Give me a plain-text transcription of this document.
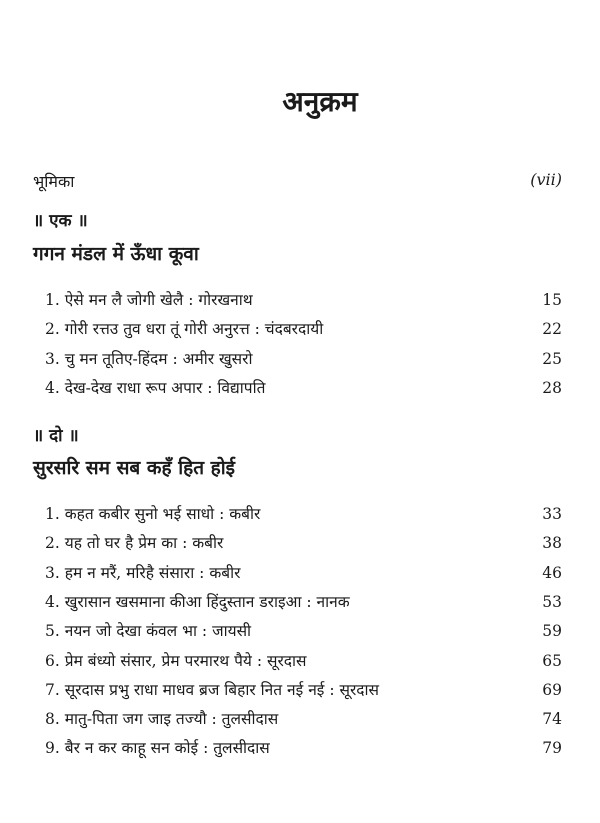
अनुक्रम
भूमिका	(vii)
॥ एक ॥
गगन मंडल में ऊँधा कूवा
1. ऐसे मन लै जोगी खेलै : गोरखनाथ	15
2. गोरी रत्तउ तुव धरा तूं गोरी अनुरत्त : चंदबरदायी	22
3. चु मन तूतिए-हिंदम : अमीर खुसरो	25
4. देख-देख राधा रूप अपार : विद्यापति	28
॥ दो ॥
सुरसरि सम सब कहँ हित होई
1. कहत कबीर सुनो भई साधो : कबीर	33
2. यह तो घर है प्रेम का : कबीर	38
3. हम न मरैं, मरिहै संसारा : कबीर	46
4. खुरासान खसमाना कीआ हिंदुस्तान डराइआ : नानक	53
5. नयन जो देखा कंवल भा : जायसी	59
6. प्रेम बंध्यो संसार, प्रेम परमारथ पैये : सूरदास	65
7. सूरदास प्रभु राधा माधव ब्रज बिहार नित नई नई : सूरदास	69
8. मातु-पिता जग जाइ तज्यौ : तुलसीदास	74
9. बैर न कर काहू सन कोई : तुलसीदास	79
